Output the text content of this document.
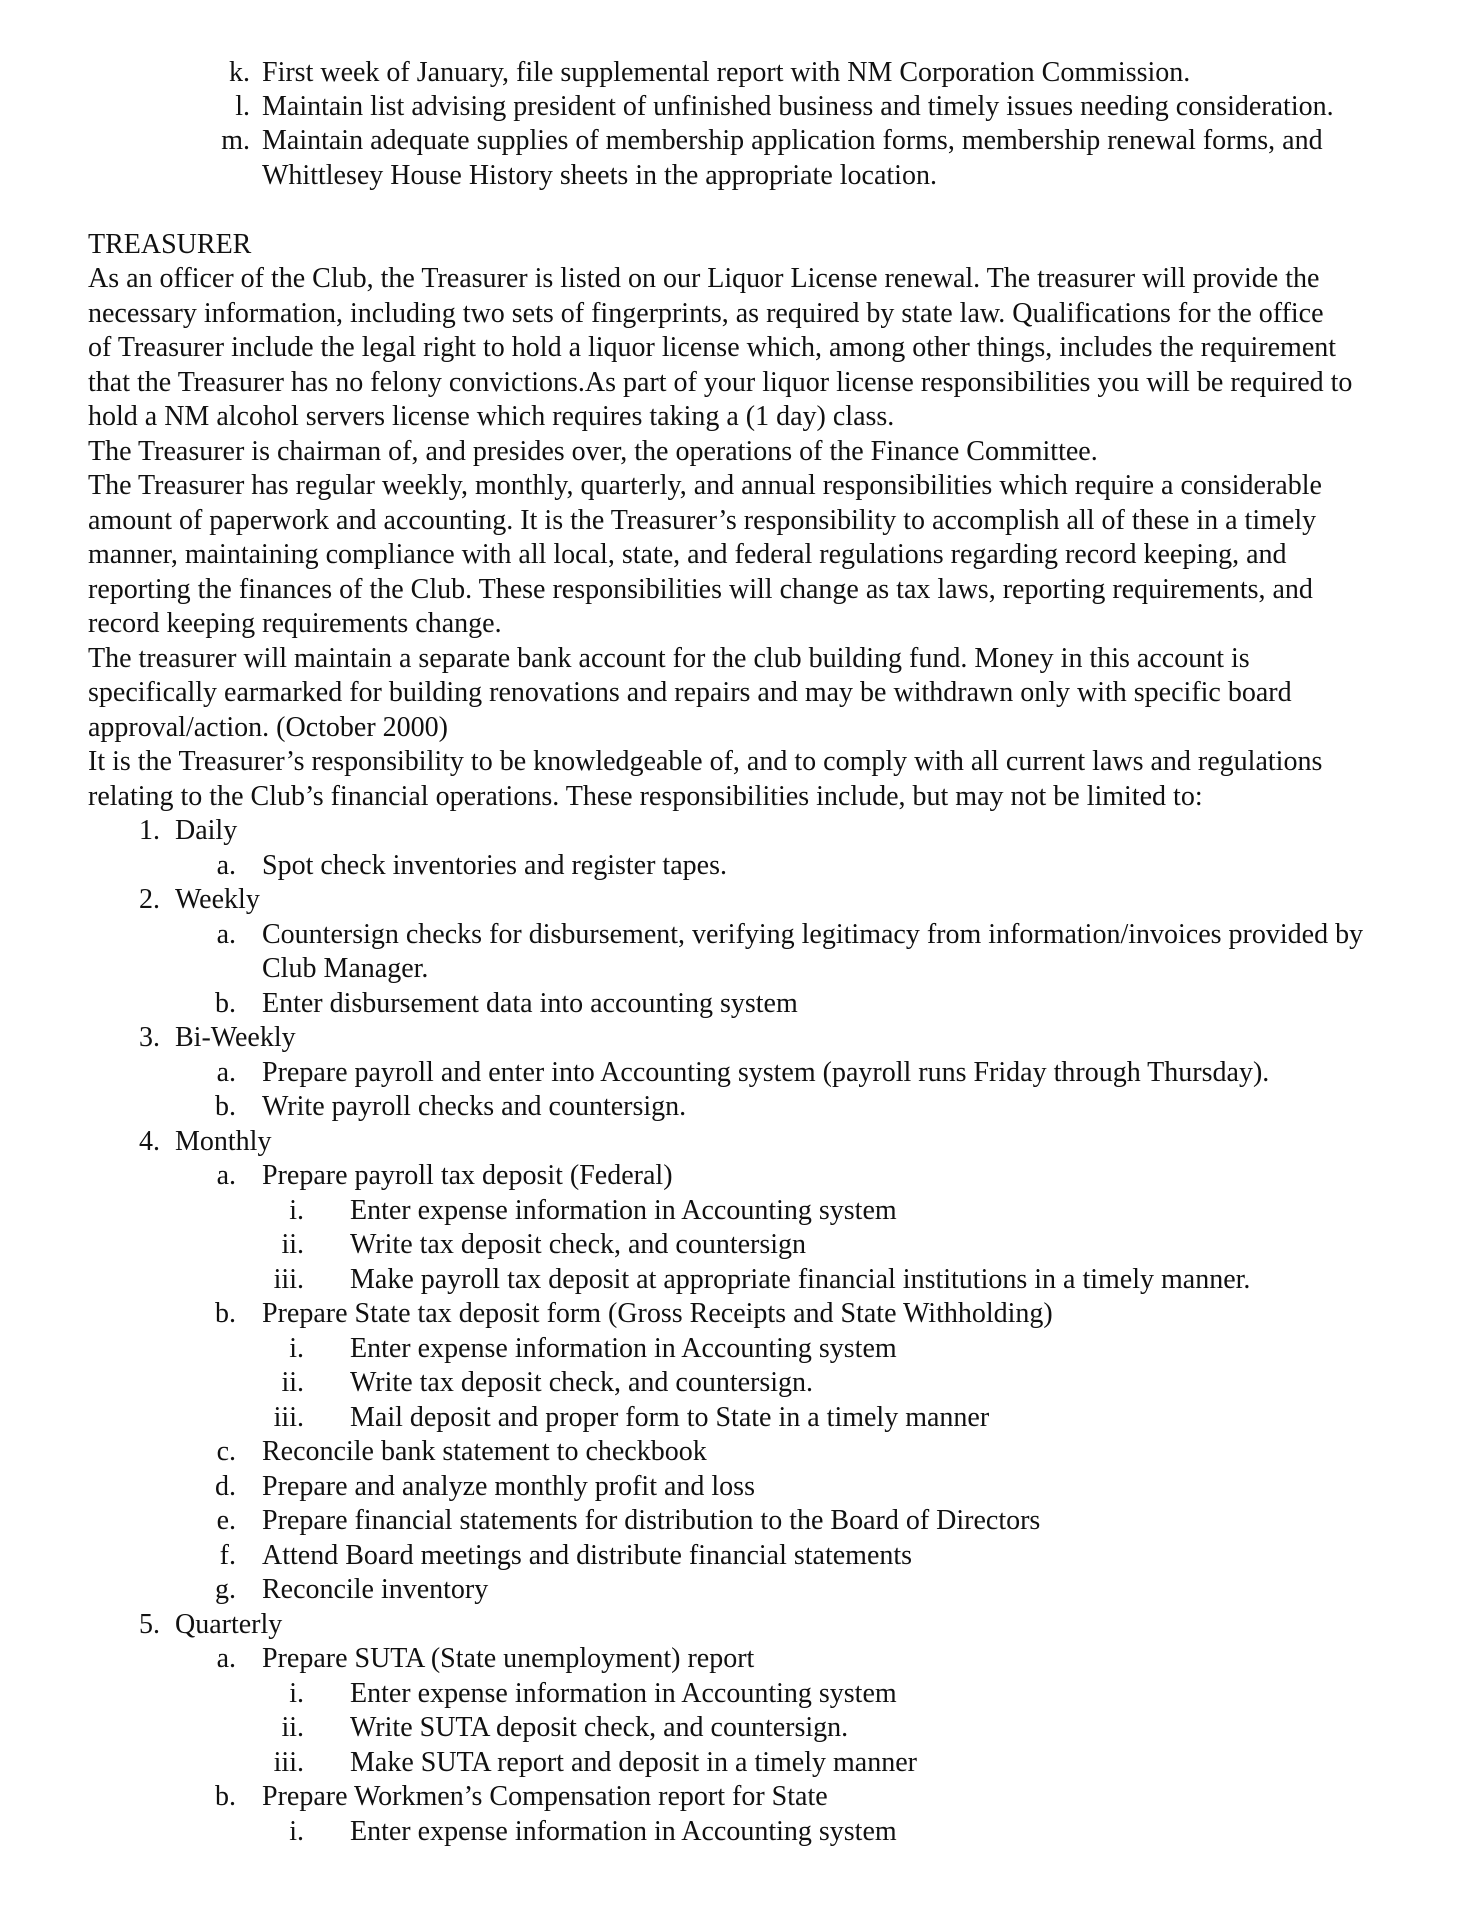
k. First week of January, file supplemental report with NM Corporation Commission.
l. Maintain list advising president of unfinished business and timely issues needing consideration.
m. Maintain adequate supplies of membership application forms, membership renewal forms, and
Whittlesey House History sheets in the appropriate location.
TREASURER
As an officer of the Club, the Treasurer is listed on our Liquor License renewal. The treasurer will provide the
necessary information, including two sets of fingerprints, as required by state law. Qualifications for the office
of Treasurer include the legal right to hold a liquor license which, among other things, includes the requirement
that the Treasurer has no felony convictions.As part of your liquor license responsibilities you will be required to
hold a NM alcohol servers license which requires taking a (1 day) class.
The Treasurer is chairman of, and presides over, the operations of the Finance Committee.
The Treasurer has regular weekly, monthly, quarterly, and annual responsibilities which require a considerable
amount of paperwork and accounting. It is the Treasurer’s responsibility to accomplish all of these in a timely
manner, maintaining compliance with all local, state, and federal regulations regarding record keeping, and
reporting the finances of the Club. These responsibilities will change as tax laws, reporting requirements, and
record keeping requirements change.
The treasurer will maintain a separate bank account for the club building fund. Money in this account is
specifically earmarked for building renovations and repairs and may be withdrawn only with specific board
approval/action. (October 2000)
It is the Treasurer’s responsibility to be knowledgeable of, and to comply with all current laws and regulations
relating to the Club’s financial operations. These responsibilities include, but may not be limited to:
1. Daily
a. Spot check inventories and register tapes.
2. Weekly
a. Countersign checks for disbursement, verifying legitimacy from information/invoices provided by
Club Manager.
b. Enter disbursement data into accounting system
3. Bi-Weekly
a. Prepare payroll and enter into Accounting system (payroll runs Friday through Thursday).
b. Write payroll checks and countersign.
4. Monthly
a. Prepare payroll tax deposit (Federal)
i. Enter expense information in Accounting system
ii. Write tax deposit check, and countersign
iii. Make payroll tax deposit at appropriate financial institutions in a timely manner.
b. Prepare State tax deposit form (Gross Receipts and State Withholding)
i. Enter expense information in Accounting system
ii. Write tax deposit check, and countersign.
iii. Mail deposit and proper form to State in a timely manner
c. Reconcile bank statement to checkbook
d. Prepare and analyze monthly profit and loss
e. Prepare financial statements for distribution to the Board of Directors
f. Attend Board meetings and distribute financial statements
g. Reconcile inventory
5. Quarterly
a. Prepare SUTA (State unemployment) report
i. Enter expense information in Accounting system
ii. Write SUTA deposit check, and countersign.
iii. Make SUTA report and deposit in a timely manner
b. Prepare Workmen’s Compensation report for State
i. Enter expense information in Accounting system
